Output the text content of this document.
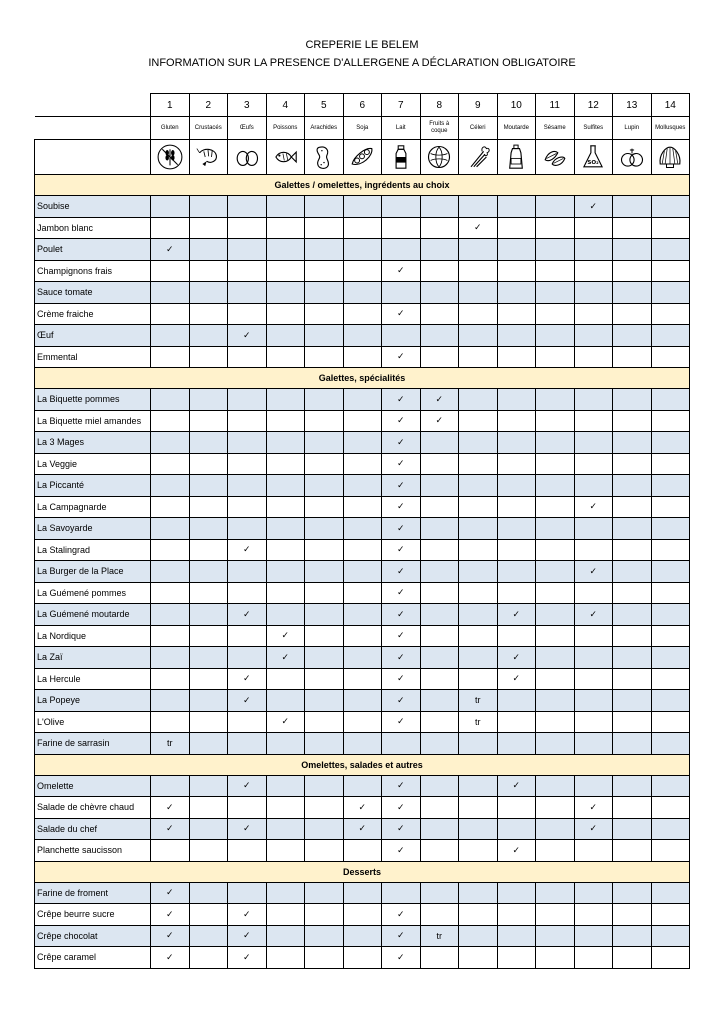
CREPERIE LE BELEM
INFORMATION SUR LA PRESENCE D'ALLERGENE A DÉCLARATION OBLIGATOIRE
	1	2	3	4	5	6	7	8	9	10	11	12	13	14
	Gluten	Crustacés	Œufs	Poissons	Arachides	Soja	Lait	Fruits à coque	Céleri	Moutarde	Sésame	Sulfites	Lupin	Mollusques

SO₂

Galettes / omelettes, ingrédents au choix														
Soubise												✓		
Jambon blanc									✓					
Poulet	✓													
Champignons frais							✓							
Sauce tomate														
Crème fraiche							✓							
Œuf			✓											
Emmental							✓							
Galettes, spécialités														
La Biquette pommes							✓	✓						
La Biquette miel amandes							✓	✓						
La 3 Mages							✓							
La Veggie							✓							
La Piccanté							✓							
La Campagnarde							✓					✓		
La Savoyarde							✓							
La Stalingrad			✓				✓							
La Burger de la Place							✓					✓		
La Guémené pommes							✓							
La Guémené moutarde			✓				✓			✓		✓		
La Nordique				✓			✓							
La Zaï				✓			✓			✓				
La Hercule			✓				✓			✓				
La Popeye			✓				✓		tr					
L'Olive				✓			✓		tr					
Farine de sarrasin	tr													
Omelettes, salades et autres														
Omelette			✓				✓			✓				
Salade de chèvre chaud	✓					✓	✓					✓		
Salade du chef	✓		✓			✓	✓					✓		
Planchette saucisson							✓			✓				
Desserts														
Farine de froment	✓													
Crêpe beurre sucre	✓		✓				✓							
Crêpe chocolat	✓		✓				✓	tr						
Crêpe caramel	✓		✓				✓							
